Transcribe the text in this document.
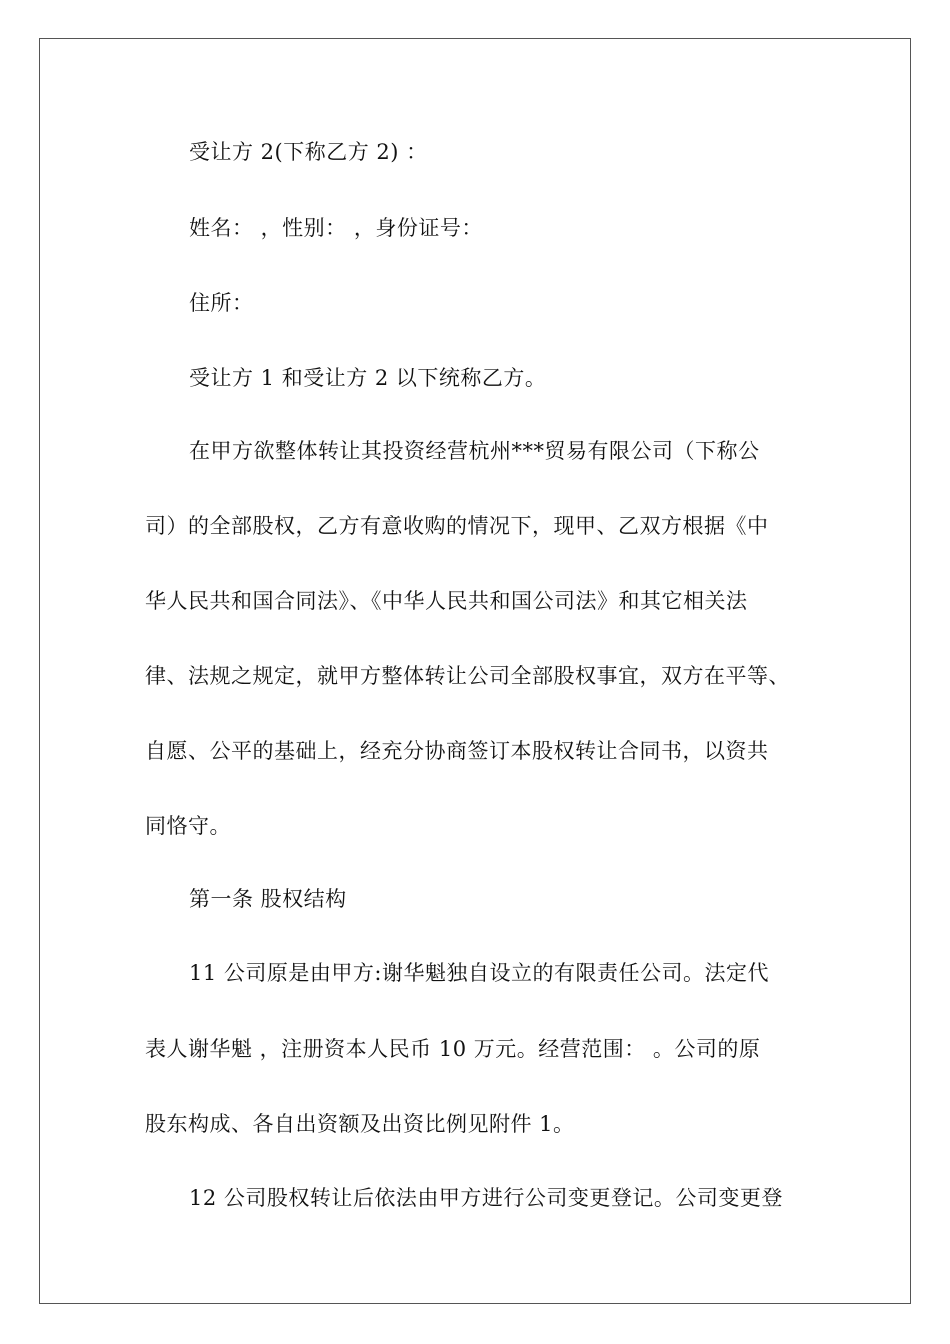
受让方 2(下称乙方 2) ：
姓名： ，性别： ，身份证号：
住所：
受让方 1 和受让方 2 以下统称乙方。
在甲方欲整体转让其投资经营杭州***贸易有限公司（下称公
司）的全部股权，乙方有意收购的情况下，现甲、乙双方根据《中
华人民共和国合同法》、《中华人民共和国公司法》和其它相关法
律、法规之规定，就甲方整体转让公司全部股权事宜，双方在平等、
自愿、公平的基础上，经充分协商签订本股权转让合同书，以资共
同恪守。
第一条 股权结构
11 公司原是由甲方:谢华魁独自设立的有限责任公司。法定代
表人谢华魁 ，注册资本人民币 10 万元。经营范围： 。公司的原
股东构成、各自出资额及出资比例见附件 1。
12 公司股权转让后依法由甲方进行公司变更登记。公司变更登
